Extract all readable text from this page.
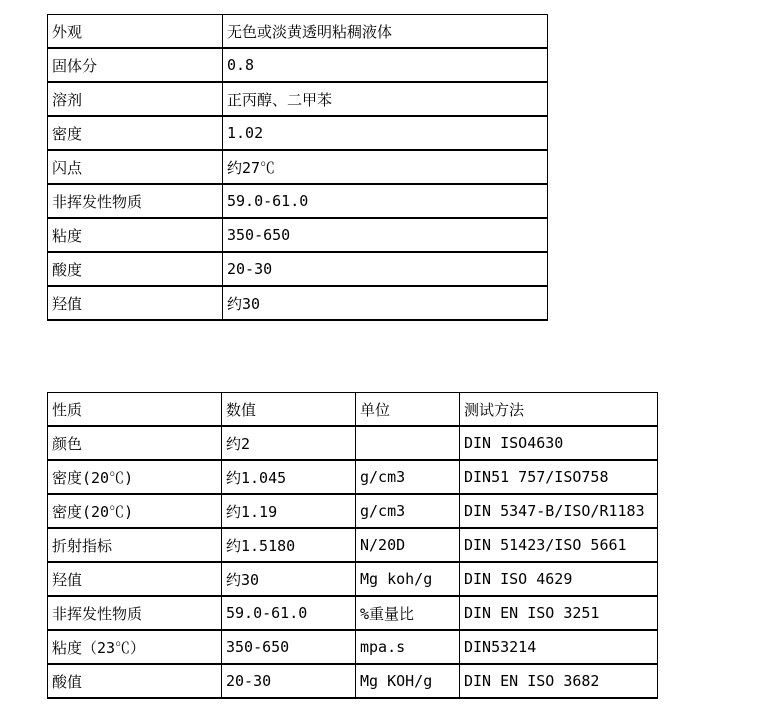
外观	无色或淡黄透明粘稠液体
固体分	0.8
溶剂	正丙醇、二甲苯
密度	1.02
闪点	约27℃
非挥发性物质	59.0-61.0
粘度	350-650
酸度	20-30
羟值	约30
性质	数值	单位	测试方法
颜色	约2		DIN ISO4630
密度(20℃)	约1.045	g/cm3	DIN51 757/ISO758
密度(20℃)	约1.19	g/cm3	DIN 5347-B/ISO/R1183
折射指标	约1.5180	N/20D	DIN 51423/ISO 5661
羟值	约30	Mg koh/g	DIN ISO 4629
非挥发性物质	59.0-61.0	%重量比	DIN EN ISO 3251
粘度（23℃）	350-650	mpa.s	DIN53214
酸值	20-30	Mg KOH/g	DIN EN ISO 3682
